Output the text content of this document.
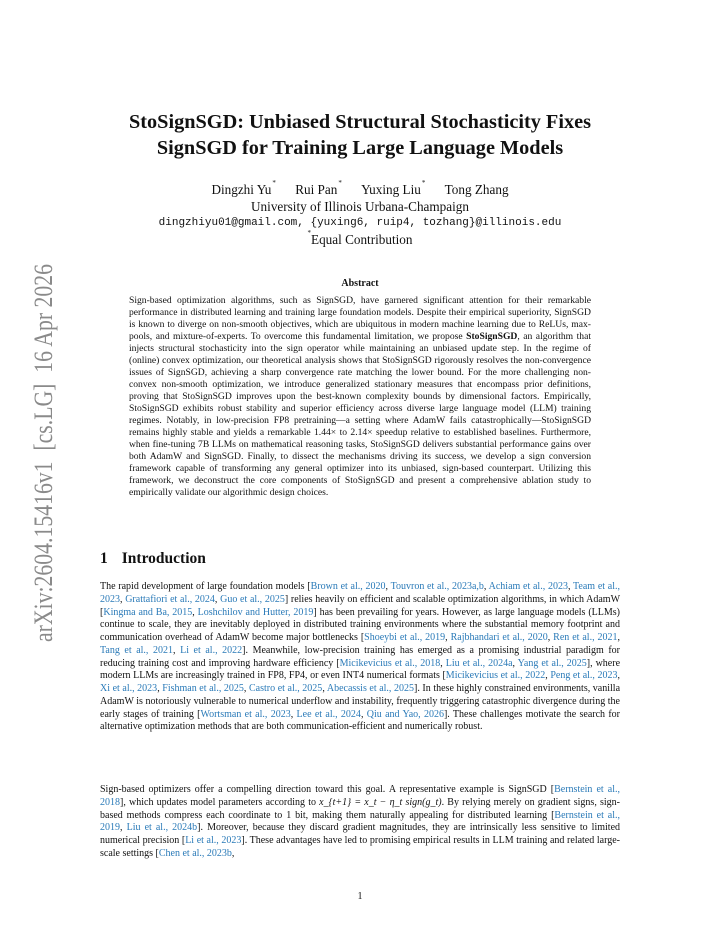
arXiv:2604.15416v1  [cs.LG]  16 Apr 2026
StoSignSGD: Unbiased Structural Stochasticity Fixes
SignSGD for Training Large Language Models
Dingzhi Yu* Rui Pan* Yuxing Liu* Tong Zhang
University of Illinois Urbana-Champaign
dingzhiyu01@gmail.com, {yuxing6, ruip4, tozhang}@illinois.edu
*Equal Contribution
Abstract
Sign-based optimization algorithms, such as SignSGD, have garnered significant attention for their remarkable performance in distributed learning and training large foundation models. Despite their empirical superiority, SignSGD is known to diverge on non-smooth objectives, which are ubiquitous in modern machine learning due to ReLUs, max-pools, and mixture-of-experts. To overcome this fundamental limitation, we propose StoSignSGD, an algorithm that injects structural stochasticity into the sign operator while maintaining an unbiased update step. In the regime of (online) convex optimization, our theoretical analysis shows that StoSignSGD rigorously resolves the non-convergence issues of SignSGD, achieving a sharp convergence rate matching the lower bound. For the more challenging non-convex non-smooth optimization, we introduce generalized stationary measures that encompass prior definitions, proving that StoSignSGD improves upon the best-known complexity bounds by dimensional factors. Empirically, StoSignSGD exhibits robust stability and superior efficiency across diverse large language model (LLM) training regimes. Notably, in low-precision FP8 pretraining—a setting where AdamW fails catastrophically—StoSignSGD remains highly stable and yields a remarkable 1.44× to 2.14× speedup relative to established baselines. Furthermore, when fine-tuning 7B LLMs on mathematical reasoning tasks, StoSignSGD delivers substantial performance gains over both AdamW and SignSGD. Finally, to dissect the mechanisms driving its success, we develop a sign conversion framework capable of transforming any general optimizer into its unbiased, sign-based counterpart. Utilizing this framework, we deconstruct the core components of StoSignSGD and present a comprehensive ablation study to empirically validate our algorithmic design choices.
1 Introduction
The rapid development of large foundation models [Brown et al., 2020, Touvron et al., 2023a,b, Achiam et al., 2023, Team et al., 2023, Grattafiori et al., 2024, Guo et al., 2025] relies heavily on efficient and scalable optimization algorithms, in which AdamW [Kingma and Ba, 2015, Loshchilov and Hutter, 2019] has been prevailing for years. However, as large language models (LLMs) continue to scale, they are inevitably deployed in distributed training environments where the substantial memory footprint and communication overhead of AdamW become major bottlenecks [Shoeybi et al., 2019, Rajbhandari et al., 2020, Ren et al., 2021, Tang et al., 2021, Li et al., 2022]. Meanwhile, low-precision training has emerged as a promising industrial paradigm for reducing training cost and improving hardware efficiency [Micikevicius et al., 2018, Liu et al., 2024a, Yang et al., 2025], where modern LLMs are increasingly trained in FP8, FP4, or even INT4 numerical formats [Micikevicius et al., 2022, Peng et al., 2023, Xi et al., 2023, Fishman et al., 2025, Castro et al., 2025, Abecassis et al., 2025]. In these highly constrained environments, vanilla AdamW is notoriously vulnerable to numerical underflow and instability, frequently triggering catastrophic divergence during the early stages of training [Wortsman et al., 2023, Lee et al., 2024, Qiu and Yao, 2026]. These challenges motivate the search for alternative optimization methods that are both communication-efficient and numerically robust.
Sign-based optimizers offer a compelling direction toward this goal. A representative example is SignSGD [Bernstein et al., 2018], which updates model parameters according to x_{t+1} = x_t − η_t sign(g_t). By relying merely on gradient signs, sign-based methods compress each coordinate to 1 bit, making them naturally appealing for distributed learning [Bernstein et al., 2019, Liu et al., 2024b]. Moreover, because they discard gradient magnitudes, they are intrinsically less sensitive to limited numerical precision [Li et al., 2023]. These advantages have led to promising empirical results in LLM training and related large-scale settings [Chen et al., 2023b,
1
